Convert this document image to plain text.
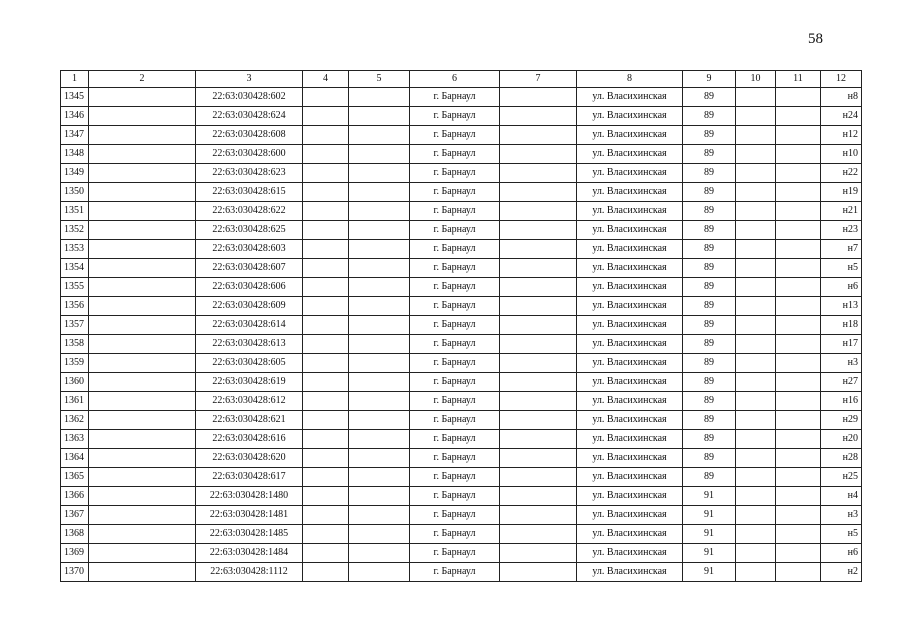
58
1	2	3	4	5	6	7	8	9	10	11	12
1345		22:63:030428:602			г. Барнаул		ул. Власихинская	89			н8
1346		22:63:030428:624			г. Барнаул		ул. Власихинская	89			н24
1347		22:63:030428:608			г. Барнаул		ул. Власихинская	89			н12
1348		22:63:030428:600			г. Барнаул		ул. Власихинская	89			н10
1349		22:63:030428:623			г. Барнаул		ул. Власихинская	89			н22
1350		22:63:030428:615			г. Барнаул		ул. Власихинская	89			н19
1351		22:63:030428:622			г. Барнаул		ул. Власихинская	89			н21
1352		22:63:030428:625			г. Барнаул		ул. Власихинская	89			н23
1353		22:63:030428:603			г. Барнаул		ул. Власихинская	89			н7
1354		22:63:030428:607			г. Барнаул		ул. Власихинская	89			н5
1355		22:63:030428:606			г. Барнаул		ул. Власихинская	89			н6
1356		22:63:030428:609			г. Барнаул		ул. Власихинская	89			н13
1357		22:63:030428:614			г. Барнаул		ул. Власихинская	89			н18
1358		22:63:030428:613			г. Барнаул		ул. Власихинская	89			н17
1359		22:63:030428:605			г. Барнаул		ул. Власихинская	89			н3
1360		22:63:030428:619			г. Барнаул		ул. Власихинская	89			н27
1361		22:63:030428:612			г. Барнаул		ул. Власихинская	89			н16
1362		22:63:030428:621			г. Барнаул		ул. Власихинская	89			н29
1363		22:63:030428:616			г. Барнаул		ул. Власихинская	89			н20
1364		22:63:030428:620			г. Барнаул		ул. Власихинская	89			н28
1365		22:63:030428:617			г. Барнаул		ул. Власихинская	89			н25
1366		22:63:030428:1480			г. Барнаул		ул. Власихинская	91			н4
1367		22:63:030428:1481			г. Барнаул		ул. Власихинская	91			н3
1368		22:63:030428:1485			г. Барнаул		ул. Власихинская	91			н5
1369		22:63:030428:1484			г. Барнаул		ул. Власихинская	91			н6
1370		22:63:030428:1112			г. Барнаул		ул. Власихинская	91			н2
